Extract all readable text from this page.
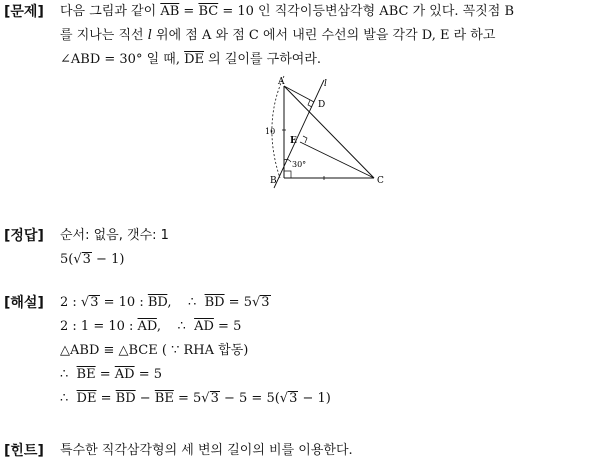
[문제] 다음 그림과 같이 $\overline{AB} = \overline{BC} = 10$ 인 직각이등변삼각형 ABC 가 있다. 꼭짓점 B
를 지나는 직선 l 위에 점 A 와 점 C 에서 내린 수선의 발을 각각 D, E 라 하고
∠ABD = 30° 일 때, $\overline{DE}$ 의 길이를 구하여라.
A
B	C
D
E
l
10
30°
[정답] 순서: 없음, 갯수: 1
5(√3 − 1)
[해설] 2 : √3 = 10 : $\overline{BD}$,    ∴  $\overline{BD} = 5√3$
2 : 1 = 10 : $\overline{AD}$,    ∴  $\overline{AD} = 5$
△ABD ≡ △BCE ( ∵ RHA 합동)
∴  $\overline{BE} = \overline{AD} = 5$
∴  $\overline{DE} = \overline{BD} - \overline{BE} = 5√3 - 5 = 5(√3 - 1)$
[힌트] 특수한 직각삼각형의 세 변의 길이의 비를 이용한다.
